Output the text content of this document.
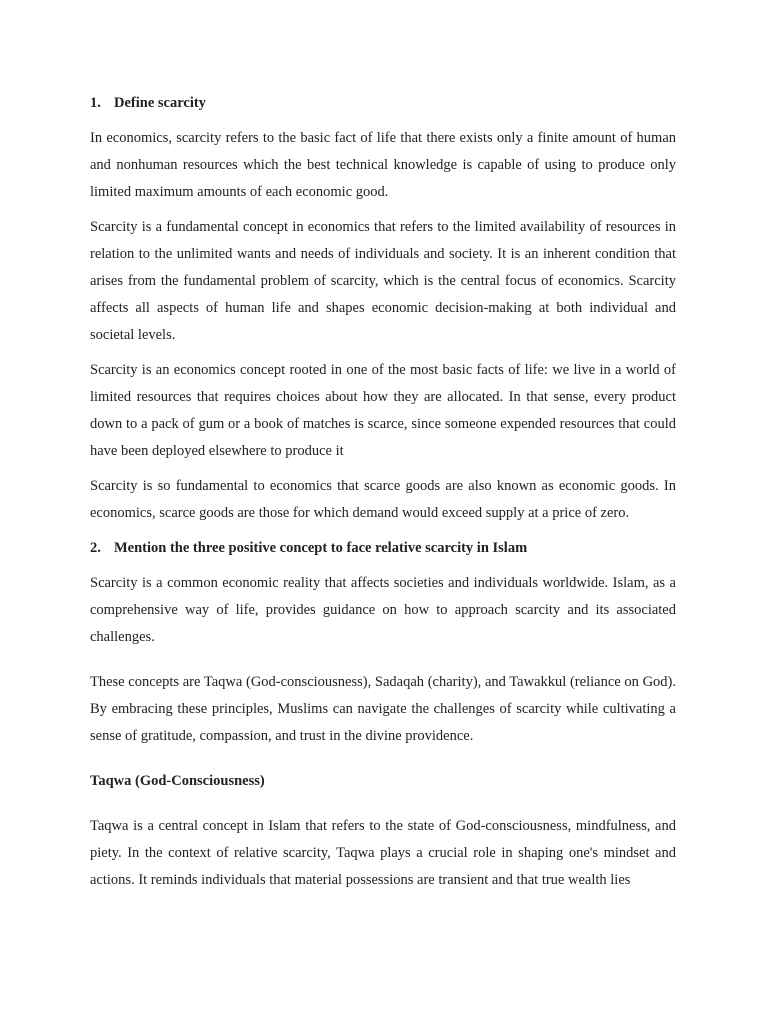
1. Define scarcity

In economics, scarcity refers to the basic fact of life that there exists only a finite amount of human and nonhuman resources which the best technical knowledge is capable of using to produce only limited maximum amounts of each economic good.

Scarcity is a fundamental concept in economics that refers to the limited availability of resources in relation to the unlimited wants and needs of individuals and society. It is an inherent condition that arises from the fundamental problem of scarcity, which is the central focus of economics. Scarcity affects all aspects of human life and shapes economic decision-making at both individual and societal levels.

Scarcity is an economics concept rooted in one of the most basic facts of life: we live in a world of limited resources that requires choices about how they are allocated. In that sense, every product down to a pack of gum or a book of matches is scarce, since someone expended resources that could have been deployed elsewhere to produce it

Scarcity is so fundamental to economics that scarce goods are also known as economic goods. In economics, scarce goods are those for which demand would exceed supply at a price of zero.

2. Mention the three positive concept to face relative scarcity in Islam

Scarcity is a common economic reality that affects societies and individuals worldwide. Islam, as a comprehensive way of life, provides guidance on how to approach scarcity and its associated challenges.

These concepts are Taqwa (God-consciousness), Sadaqah (charity), and Tawakkul (reliance on God). By embracing these principles, Muslims can navigate the challenges of scarcity while cultivating a sense of gratitude, compassion, and trust in the divine providence.

Taqwa (God-Consciousness)

Taqwa is a central concept in Islam that refers to the state of God-consciousness, mindfulness, and piety. In the context of relative scarcity, Taqwa plays a crucial role in shaping one's mindset and actions. It reminds individuals that material possessions are transient and that true wealth lies
